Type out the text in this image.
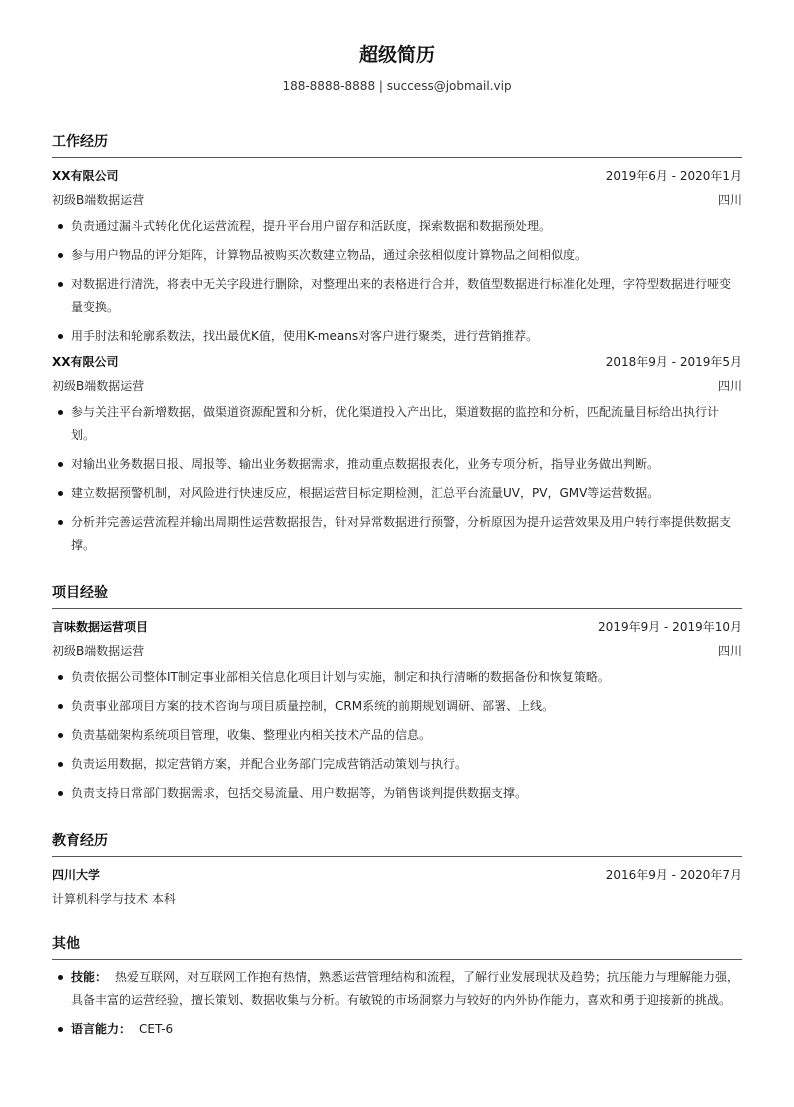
超级简历
188-8888-8888 | success@jobmail.vip
工作经历
XX有限公司	2019年6月 - 2020年1月
初级B端数据运营	四川
负责通过漏斗式转化优化运营流程，提升平台用户留存和活跃度，探索数据和数据预处理。
参与用户物品的评分矩阵，计算物品被购买次数建立物品，通过余弦相似度计算物品之间相似度。
对数据进行清洗，将表中无关字段进行删除，对整理出来的表格进行合并，数值型数据进行标准化处理，字符型数据进行哑变量变换。
用手肘法和轮廓系数法，找出最优K值，使用K-means对客户进行聚类，进行营销推荐。
XX有限公司	2018年9月 - 2019年5月
初级B端数据运营	四川
参与关注平台新增数据，做渠道资源配置和分析，优化渠道投入产出比，渠道数据的监控和分析，匹配流量目标给出执行计划。
对输出业务数据日报、周报等、输出业务数据需求，推动重点数据报表化，业务专项分析，指导业务做出判断。
建立数据预警机制，对风险进行快速反应，根据运营目标定期检测，汇总平台流量UV，PV，GMV等运营数据。
分析并完善运营流程并输出周期性运营数据报告，针对异常数据进行预警，分析原因为提升运营效果及用户转行率提供数据支撑。
项目经验
言味数据运营项目	2019年9月 - 2019年10月
初级B端数据运营	四川
负责依据公司整体IT制定事业部相关信息化项目计划与实施，制定和执行清晰的数据备份和恢复策略。
负责事业部项目方案的技术咨询与项目质量控制，CRM系统的前期规划调研、部署、上线。
负责基础架构系统项目管理，收集、整理业内相关技术产品的信息。
负责运用数据，拟定营销方案，并配合业务部门完成营销活动策划与执行。
负责支持日常部门数据需求，包括交易流量、用户数据等，为销售谈判提供数据支撑。
教育经历
四川大学	2016年9月 - 2020年7月
计算机科学与技术 本科
其他
技能： 热爱互联网，对互联网工作抱有热情，熟悉运营管理结构和流程，了解行业发展现状及趋势；抗压能力与理解能力强，具备丰富的运营经验，擅长策划、数据收集与分析。有敏锐的市场洞察力与较好的内外协作能力，喜欢和勇于迎接新的挑战。
语言能力： CET-6
